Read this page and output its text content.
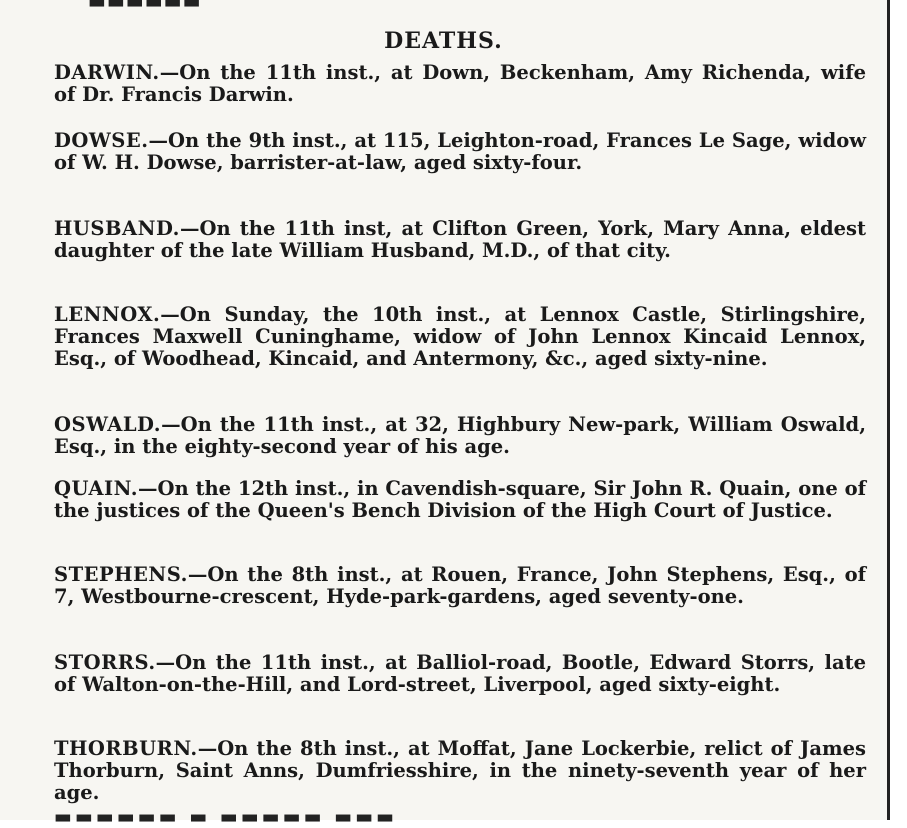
▬▬▬▬▬▬
DEATHS.

DARWIN.—On the 11th inst., at Down, Beckenham, Amy Richenda, wife of Dr. Francis Darwin.

DOWSE.—On the 9th inst., at 115, Leighton-road, Frances Le Sage, widow of W. H. Dowse, barrister-at-law, aged sixty-four.

HUSBAND.—On the 11th inst, at Clifton Green, York, Mary Anna, eldest daughter of the late William Husband, M.D., of that city.

LENNOX.—On Sunday, the 10th inst., at Lennox Castle, Stirlingshire, Frances Maxwell Cuninghame, widow of John Lennox Kincaid Lennox, Esq., of Woodhead, Kincaid, and Antermony, &c., aged sixty-nine.

OSWALD.—On the 11th inst., at 32, Highbury New-park, William Oswald, Esq., in the eighty-second year of his age.

QUAIN.—On the 12th inst., in Cavendish-square, Sir John R. Quain, one of the justices of the Queen's Bench Division of the High Court of Justice.

STEPHENS.—On the 8th inst., at Rouen, France, John Stephens, Esq., of 7, Westbourne-crescent, Hyde-park-gardens, aged seventy-one.

STORRS.—On the 11th inst., at Balliol-road, Bootle, Edward Storrs, late of Walton-on-the-Hill, and Lord-street, Liverpool, aged sixty-eight.

THORBURN.—On the 8th inst., at Moffat, Jane Lockerbie, relict of James Thorburn, Saint Anns, Dumfriesshire, in the ninety-seventh year of her age.

▬▬▬▬▬▬ ▬ ▬▬▬▬▬ ▬▬▬
